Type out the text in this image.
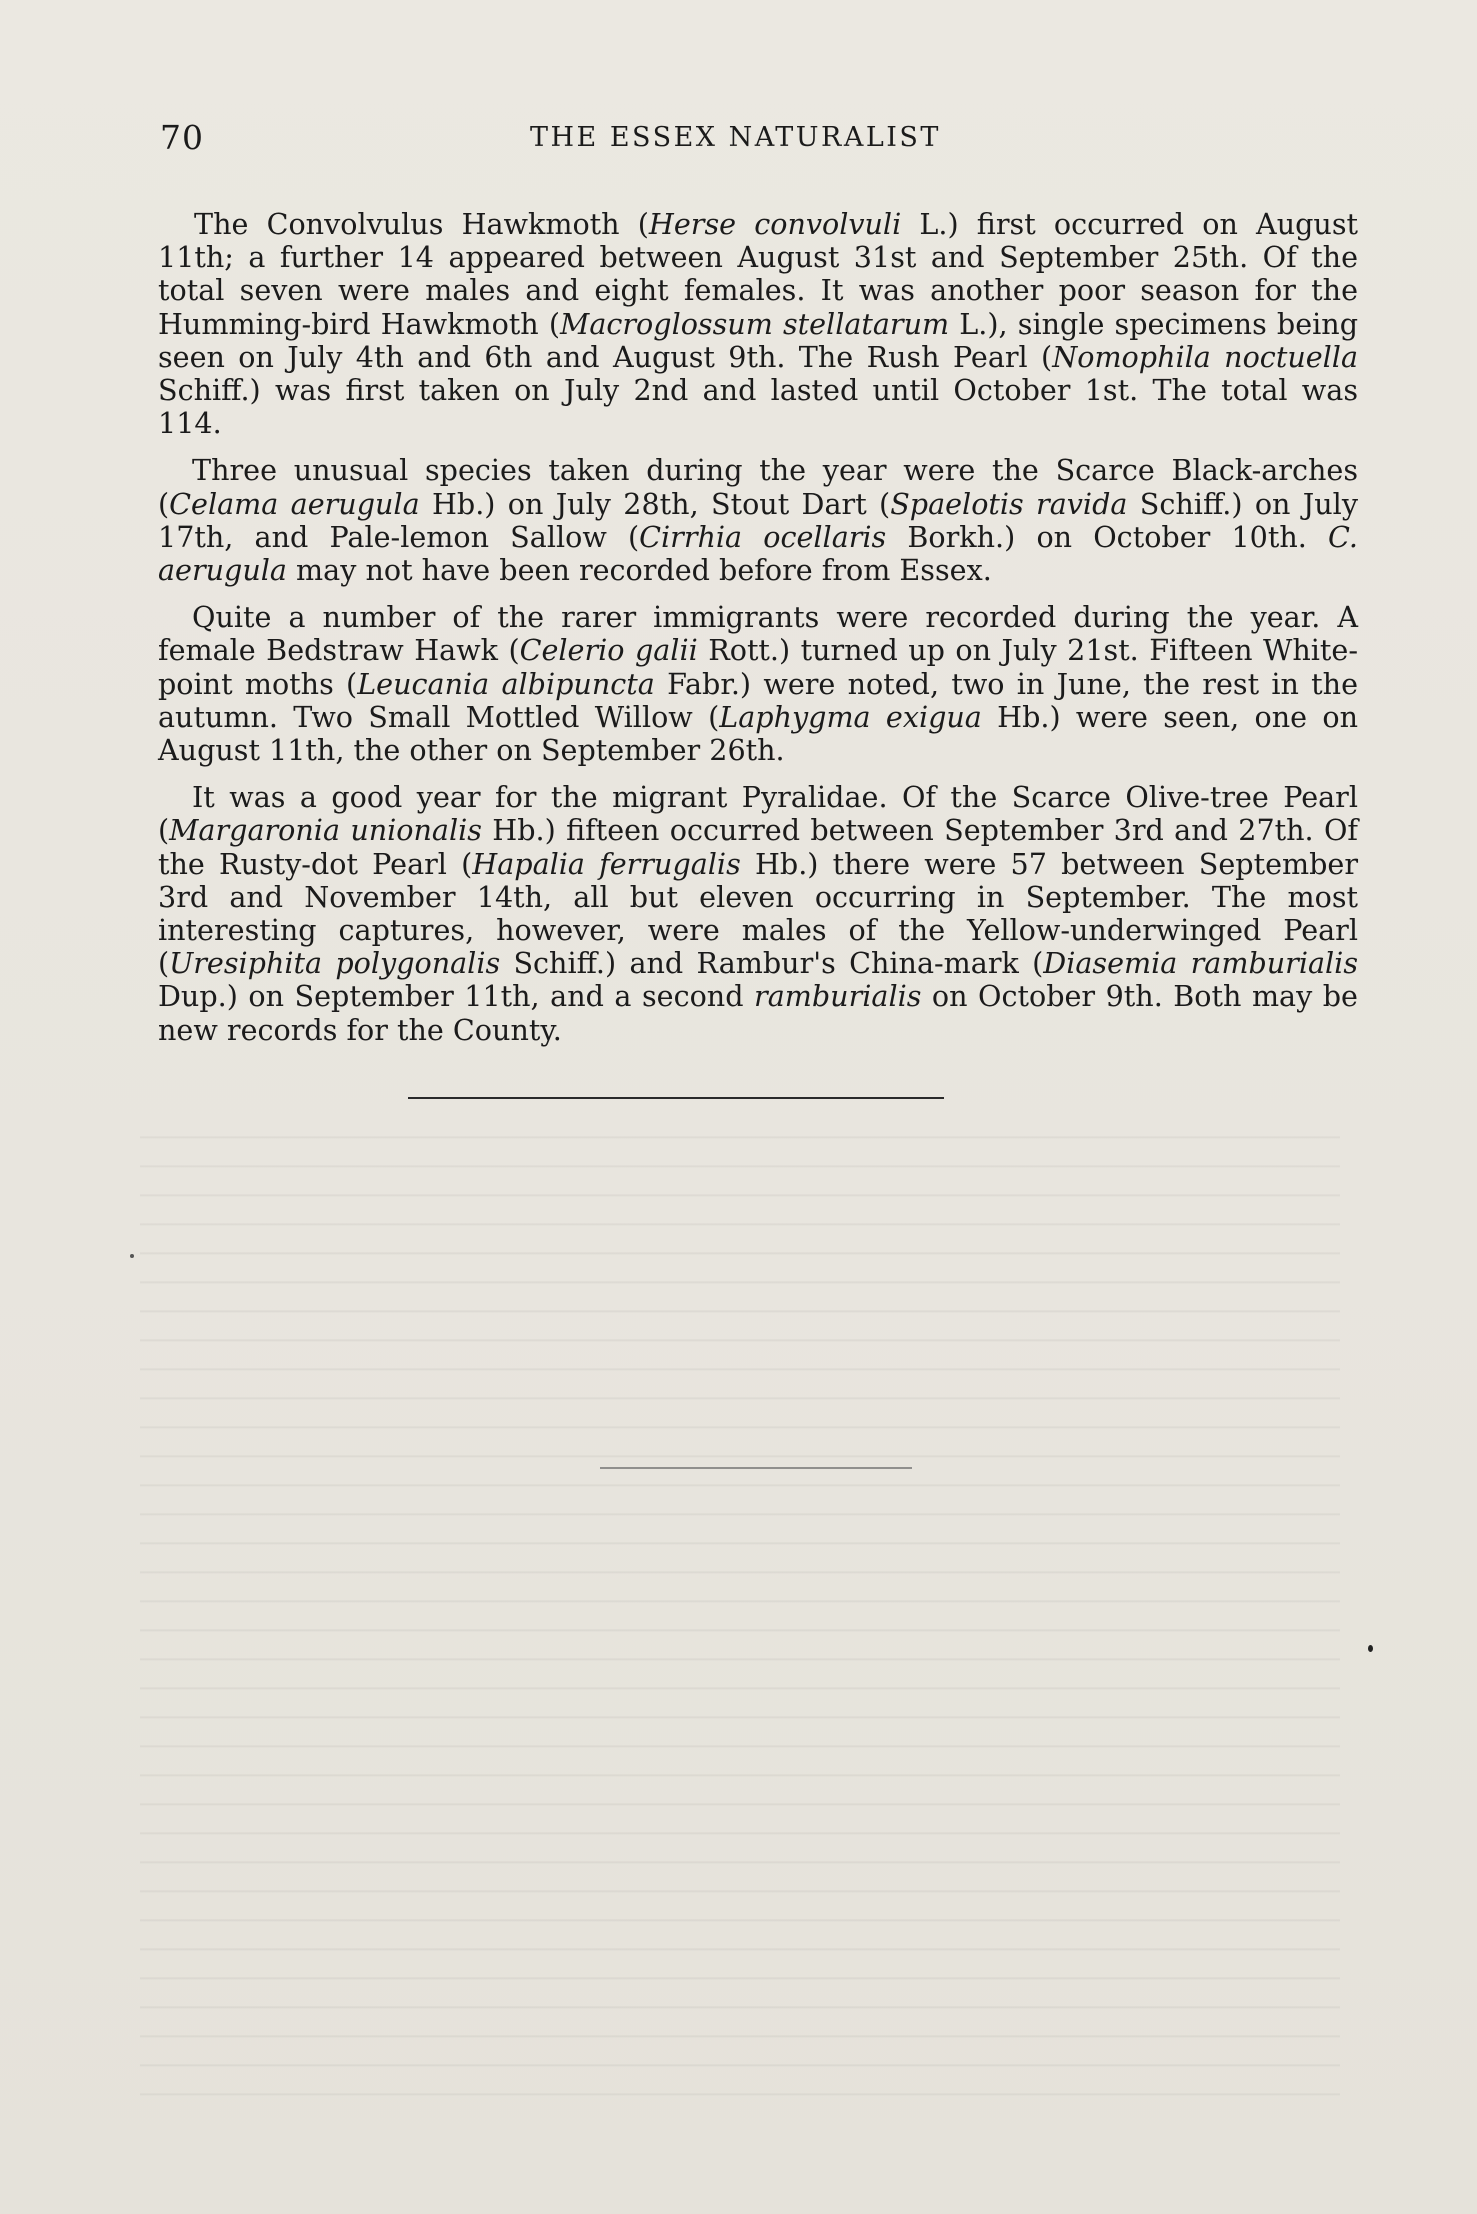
70	THE ESSEX NATURALIST

The Convolvulus Hawkmoth (Herse convolvuli L.) first occurred on August 11th; a further 14 appeared between August 31st and September 25th. Of the total seven were males and eight females. It was another poor season for the Humming-bird Hawkmoth (Macroglossum stellatarum L.), single specimens being seen on July 4th and 6th and August 9th. The Rush Pearl (Nomophila noctuella Schiff.) was first taken on July 2nd and lasted until October 1st. The total was 114.

Three unusual species taken during the year were the Scarce Black-arches (Celama aerugula Hb.) on July 28th, Stout Dart (Spaelotis ravida Schiff.) on July 17th, and Pale-lemon Sallow (Cirrhia ocellaris Borkh.) on October 10th. C. aerugula may not have been recorded before from Essex.

Quite a number of the rarer immigrants were recorded during the year. A female Bedstraw Hawk (Celerio galii Rott.) turned up on July 21st. Fifteen White-point moths (Leucania albipuncta Fabr.) were noted, two in June, the rest in the autumn. Two Small Mottled Willow (Laphygma exigua Hb.) were seen, one on August 11th, the other on September 26th.

It was a good year for the migrant Pyralidae. Of the Scarce Olive-tree Pearl (Margaronia unionalis Hb.) fifteen occurred between September 3rd and 27th. Of the Rusty-dot Pearl (Hapalia ferrugalis Hb.) there were 57 between September 3rd and November 14th, all but eleven occurring in September. The most interesting captures, however, were males of the Yellow-underwinged Pearl (Uresiphita polygonalis Schiff.) and Rambur's China-mark (Diasemia ramburialis Dup.) on September 11th, and a second ramburialis on October 9th. Both may be new records for the County.
